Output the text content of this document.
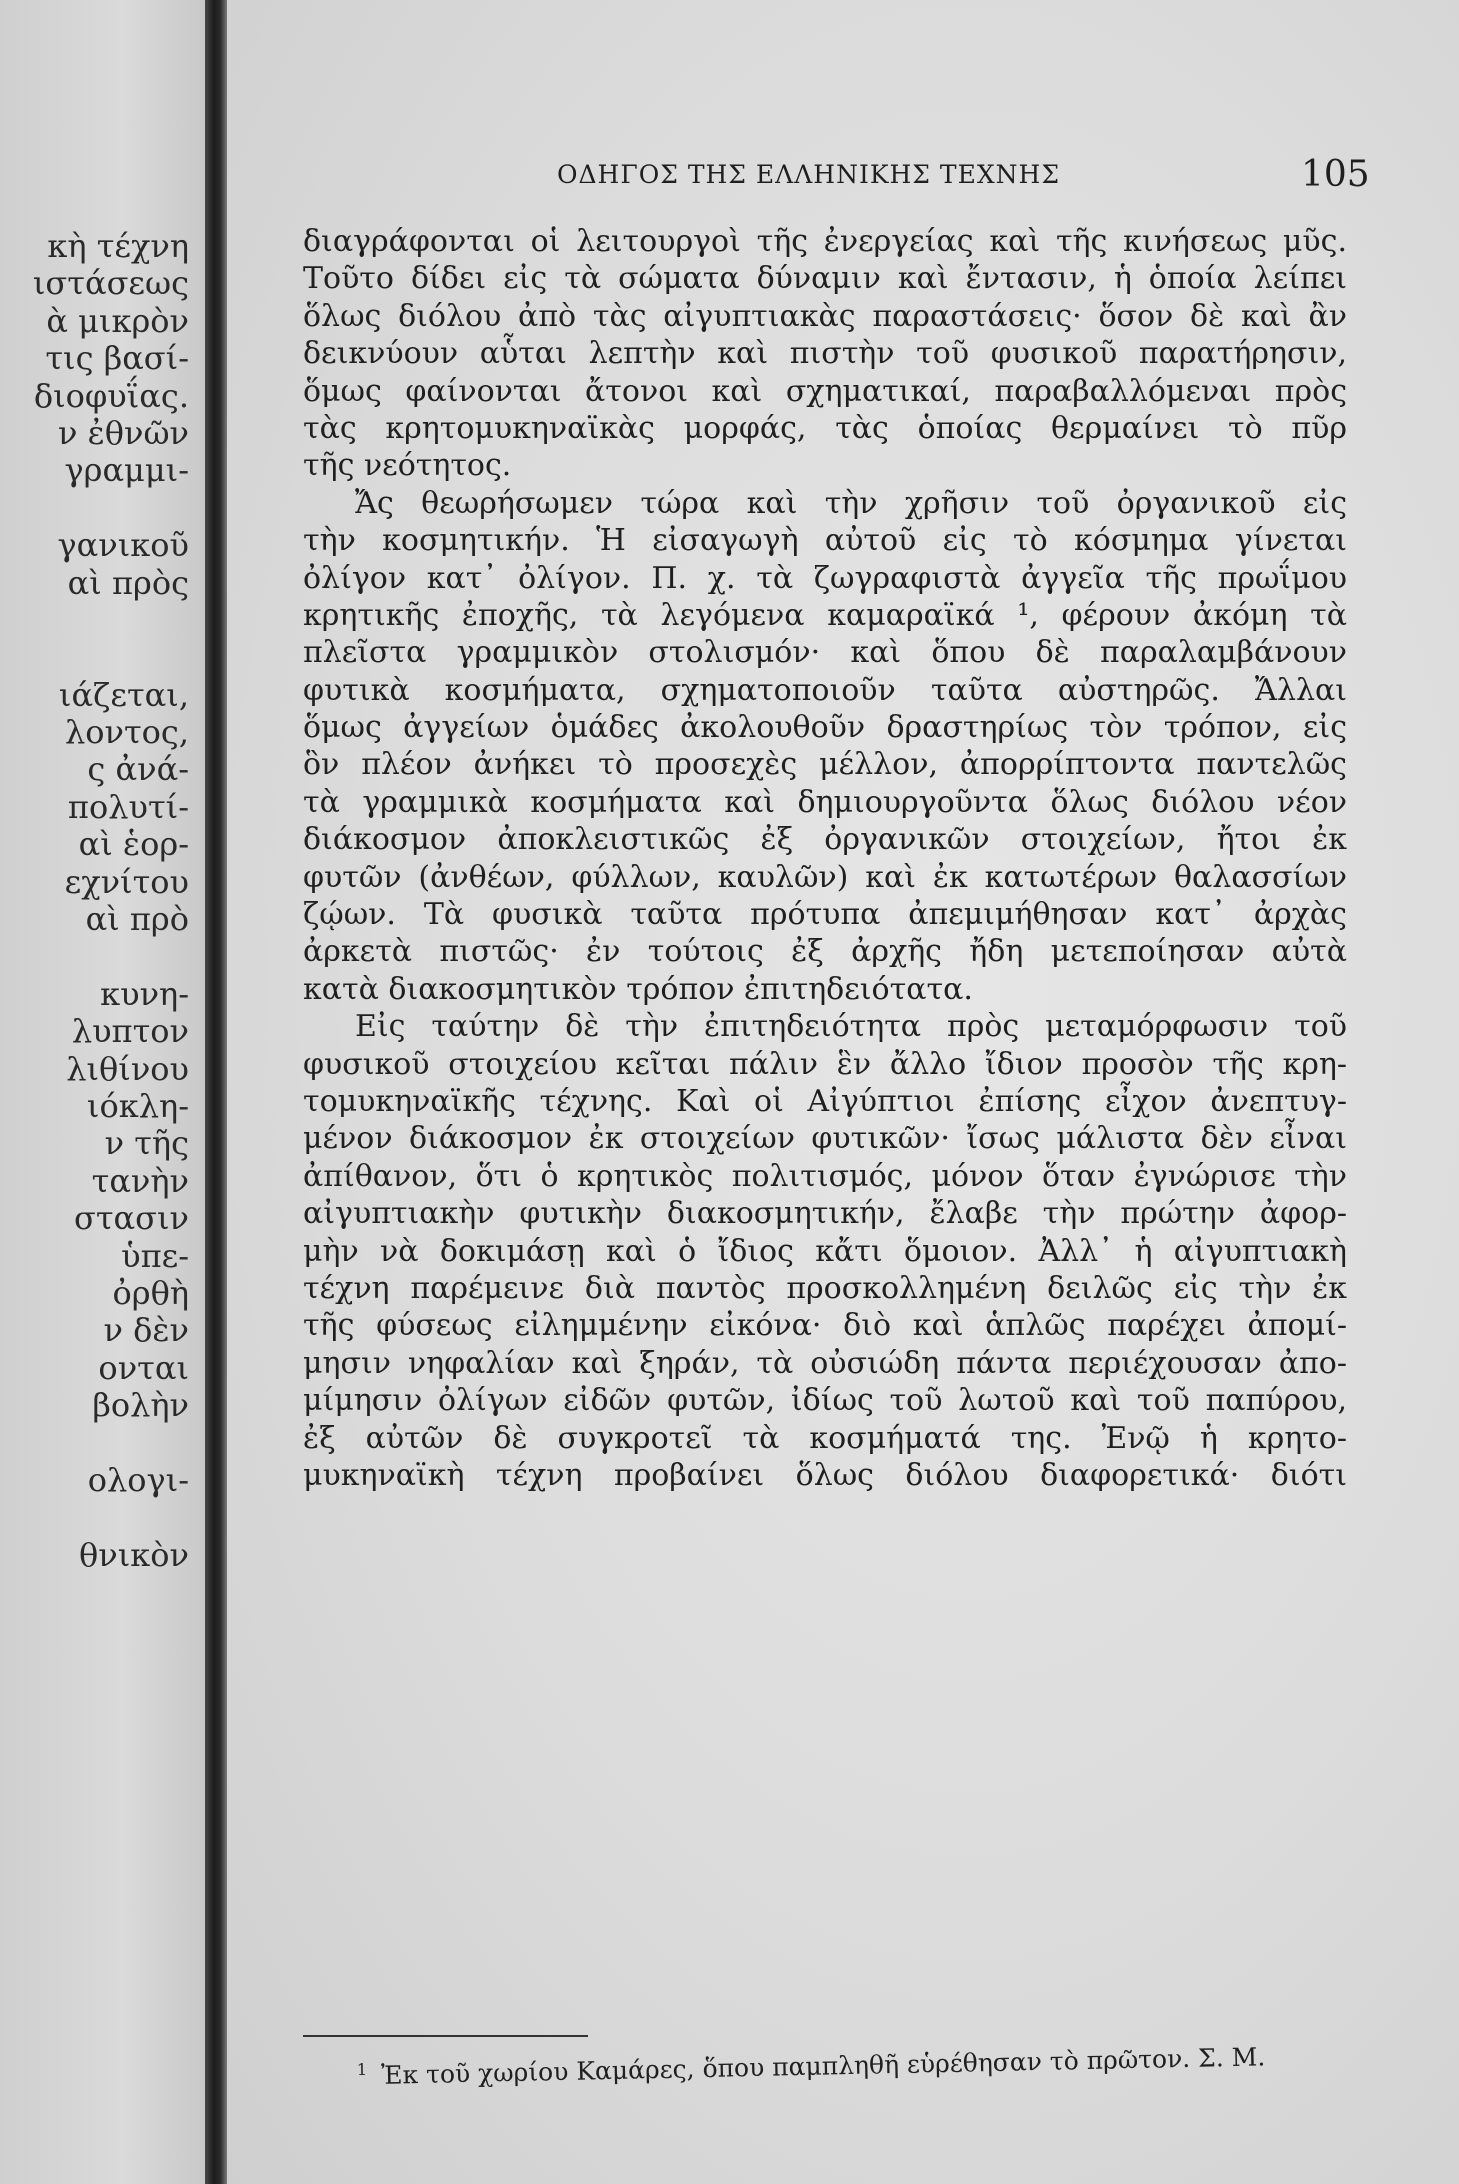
κὴ τέχνη
ιστάσεως
ὰ μικρὸν
τις βασί-
διοφυΐας.
ν ἐθνῶν
γραμμι-
γανικοῦ
αὶ πρὸς
ιάζεται,
λοντος,
ς ἀνά-
πολυτί-
αὶ ἑορ-
εχνίτου
αὶ πρὸ
κυνη-
λυπτον
λιθίνου
ιόκλη-
ν τῆς
τανὴν
στασιν
ὑπε-
ὀρθὴ
ν δὲν
ονται
βολὴν
ολογι-
θνικὸν
ΟΔΗΓΟΣ ΤΗΣ ΕΛΛΗΝΙΚΗΣ ΤΕΧΝΗΣ	105
διαγράφονται οἱ λειτουργοὶ τῆς ἐνεργείας καὶ τῆς κινήσεως μῦς.
Τοῦτο δίδει εἰς τὰ σώματα δύναμιν καὶ ἔντασιν, ἡ ὁποία λείπει
ὅλως διόλου ἀπὸ τὰς αἰγυπτιακὰς παραστάσεις· ὅσον δὲ καὶ ἂν
δεικνύουν αὗται λεπτὴν καὶ πιστὴν τοῦ φυσικοῦ παρατήρησιν,
ὅμως φαίνονται ἄτονοι καὶ σχηματικαί, παραβαλλόμεναι πρὸς
τὰς κρητομυκηναϊκὰς μορφάς, τὰς ὁποίας θερμαίνει τὸ πῦρ
τῆς νεότητος.
Ἄς θεωρήσωμεν τώρα καὶ τὴν χρῆσιν τοῦ ὀργανικοῦ εἰς
τὴν κοσμητικήν. Ἡ εἰσαγωγὴ αὐτοῦ εἰς τὸ κόσμημα γίνεται
ὀλίγον κατ᾽ ὀλίγον. Π. χ. τὰ ζωγραφιστὰ ἀγγεῖα τῆς πρωΐμου
κρητικῆς ἐποχῆς, τὰ λεγόμενα καμαραϊκά ¹, φέρουν ἀκόμη τὰ
πλεῖστα γραμμικὸν στολισμόν· καὶ ὅπου δὲ παραλαμβάνουν
φυτικὰ κοσμήματα, σχηματοποιοῦν ταῦτα αὐστηρῶς. Ἄλλαι
ὅμως ἀγγείων ὁμάδες ἀκολουθοῦν δραστηρίως τὸν τρόπον, εἰς
ὃν πλέον ἀνήκει τὸ προσεχὲς μέλλον, ἀπορρίπτοντα παντελῶς
τὰ γραμμικὰ κοσμήματα καὶ δημιουργοῦντα ὅλως διόλου νέον
διάκοσμον ἀποκλειστικῶς ἐξ ὀργανικῶν στοιχείων, ἤτοι ἐκ
φυτῶν (ἀνθέων, φύλλων, καυλῶν) καὶ ἐκ κατωτέρων θαλασσίων
ζῴων. Τὰ φυσικὰ ταῦτα πρότυπα ἀπεμιμήθησαν κατ᾽ ἀρχὰς
ἀρκετὰ πιστῶς· ἐν τούτοις ἐξ ἀρχῆς ἤδη μετεποίησαν αὐτὰ
κατὰ διακοσμητικὸν τρόπον ἐπιτηδειότατα.
Εἰς ταύτην δὲ τὴν ἐπιτηδειότητα πρὸς μεταμόρφωσιν τοῦ
φυσικοῦ στοιχείου κεῖται πάλιν ἓν ἄλλο ἴδιον προσὸν τῆς κρη-
τομυκηναϊκῆς τέχνης. Καὶ οἱ Αἰγύπτιοι ἐπίσης εἶχον ἀνεπτυγ-
μένον διάκοσμον ἐκ στοιχείων φυτικῶν· ἴσως μάλιστα δὲν εἶναι
ἀπίθανον, ὅτι ὁ κρητικὸς πολιτισμός, μόνον ὅταν ἐγνώρισε τὴν
αἰγυπτιακὴν φυτικὴν διακοσμητικήν, ἔλαβε τὴν πρώτην ἀφορ-
μὴν νὰ δοκιμάσῃ καὶ ὁ ἴδιος κἄτι ὅμοιον. Ἀλλ᾽ ἡ αἰγυπτιακὴ
τέχνη παρέμεινε διὰ παντὸς προσκολλημένη δειλῶς εἰς τὴν ἐκ
τῆς φύσεως εἰλημμένην εἰκόνα· διὸ καὶ ἁπλῶς παρέχει ἀπομί-
μησιν νηφαλίαν καὶ ξηράν, τὰ οὐσιώδη πάντα περιέχουσαν ἀπο-
μίμησιν ὀλίγων εἰδῶν φυτῶν, ἰδίως τοῦ λωτοῦ καὶ τοῦ παπύρου,
ἐξ αὐτῶν δὲ συγκροτεῖ τὰ κοσμήματά της. Ἐνῷ ἡ κρητο-
μυκηναϊκὴ τέχνη προβαίνει ὅλως διόλου διαφορετικά· διότι
$^1$ Ἐκ τοῦ χωρίου Καμάρες, ὅπου παμπληθῆ εὑρέθησαν τὸ πρῶτον. Σ. Μ.
